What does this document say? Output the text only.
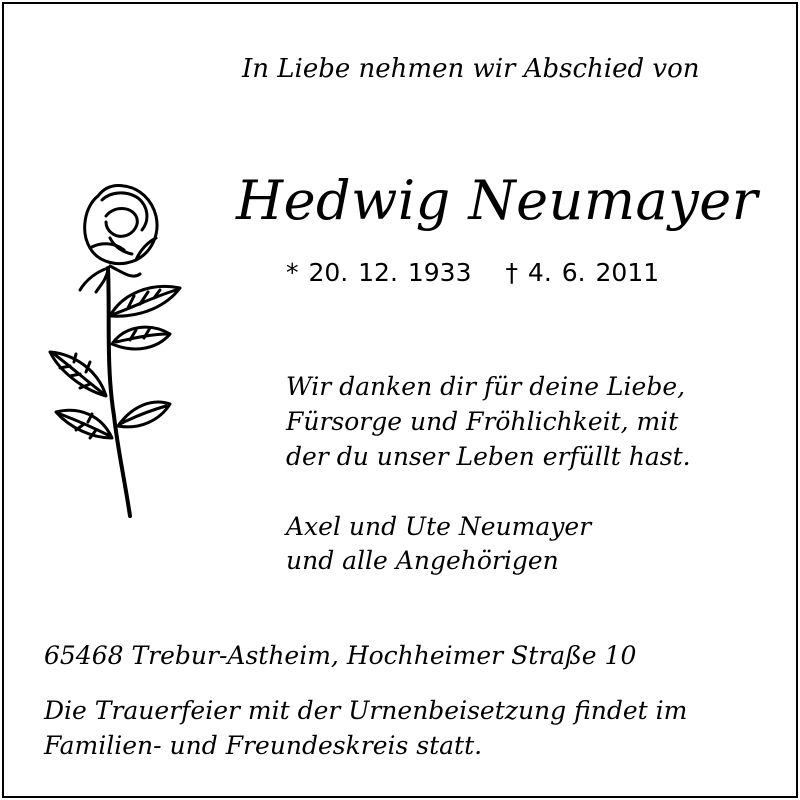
In Liebe nehmen wir Abschied von
Hedwig Neumayer
* 20. 12. 1933 † 4. 6. 2011
Wir danken dir für deine Liebe,
Fürsorge und Fröhlichkeit, mit
der du unser Leben erfüllt hast.
Axel und Ute Neumayer
und alle Angehörigen
65468 Trebur-Astheim, Hochheimer Straße 10
Die Trauerfeier mit der Urnenbeisetzung findet im
Familien- und Freundeskreis statt.
